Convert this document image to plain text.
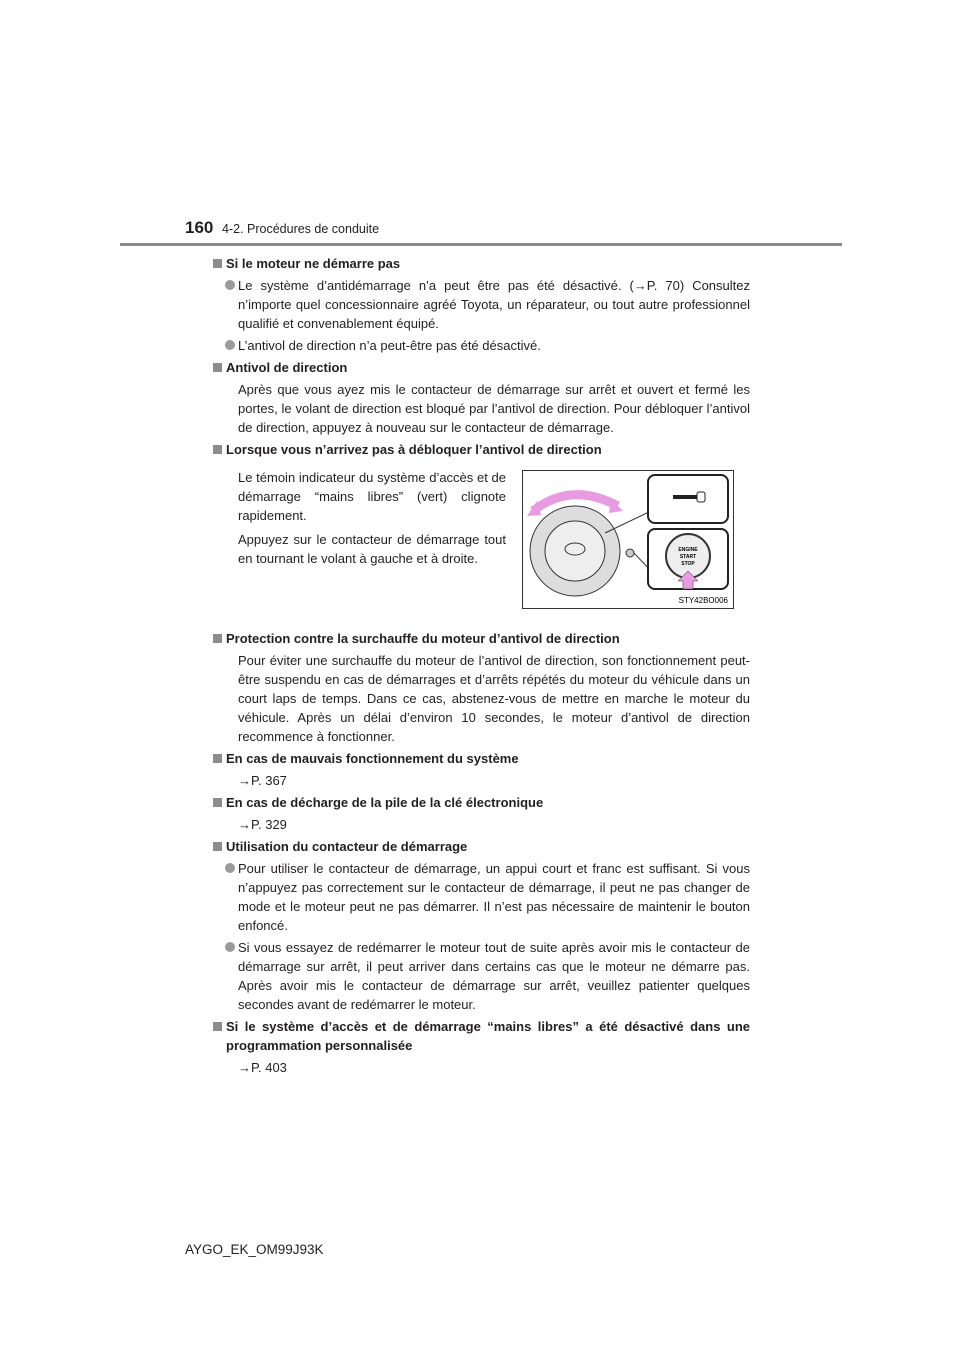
160 4-2. Procédures de conduite
Si le moteur ne démarre pas
Le système d’antidémarrage n’a peut être pas été désactivé. (→P. 70) Consultez n’importe quel concessionnaire agréé Toyota, un réparateur, ou tout autre professionnel qualifié et convenablement équipé.
L’antivol de direction n’a peut-être pas été désactivé.
Antivol de direction
Après que vous ayez mis le contacteur de démarrage sur arrêt et ouvert et fermé les portes, le volant de direction est bloqué par l’antivol de direction. Pour débloquer l’antivol de direction, appuyez à nouveau sur le contacteur de démarrage.
Lorsque vous n’arrivez pas à débloquer l’antivol de direction
Le témoin indicateur du système d’accès et de démarrage “mains libres” (vert) clignote rapidement.
Appuyez sur le contacteur de démarrage tout en tournant le volant à gauche et à droite.
ENGINE
START
STOP
STY42BO006
Protection contre la surchauffe du moteur d’antivol de direction
Pour éviter une surchauffe du moteur de l’antivol de direction, son fonctionnement peut-être suspendu en cas de démarrages et d’arrêts répétés du moteur du véhicule dans un court laps de temps. Dans ce cas, abstenez-vous de mettre en marche le moteur du véhicule. Après un délai d’environ 10 secondes, le moteur d’antivol de direction recommence à fonctionner.
En cas de mauvais fonctionnement du système
→P. 367
En cas de décharge de la pile de la clé électronique
→P. 329
Utilisation du contacteur de démarrage
Pour utiliser le contacteur de démarrage, un appui court et franc est suffisant. Si vous n’appuyez pas correctement sur le contacteur de démarrage, il peut ne pas changer de mode et le moteur peut ne pas démarrer. Il n’est pas nécessaire de maintenir le bouton enfoncé.
Si vous essayez de redémarrer le moteur tout de suite après avoir mis le contacteur de démarrage sur arrêt, il peut arriver dans certains cas que le moteur ne démarre pas. Après avoir mis le contacteur de démarrage sur arrêt, veuillez patienter quelques secondes avant de redémarrer le moteur.
Si le système d’accès et de démarrage “mains libres” a été désactivé dans une programmation personnalisée
→P. 403
AYGO_EK_OM99J93K
